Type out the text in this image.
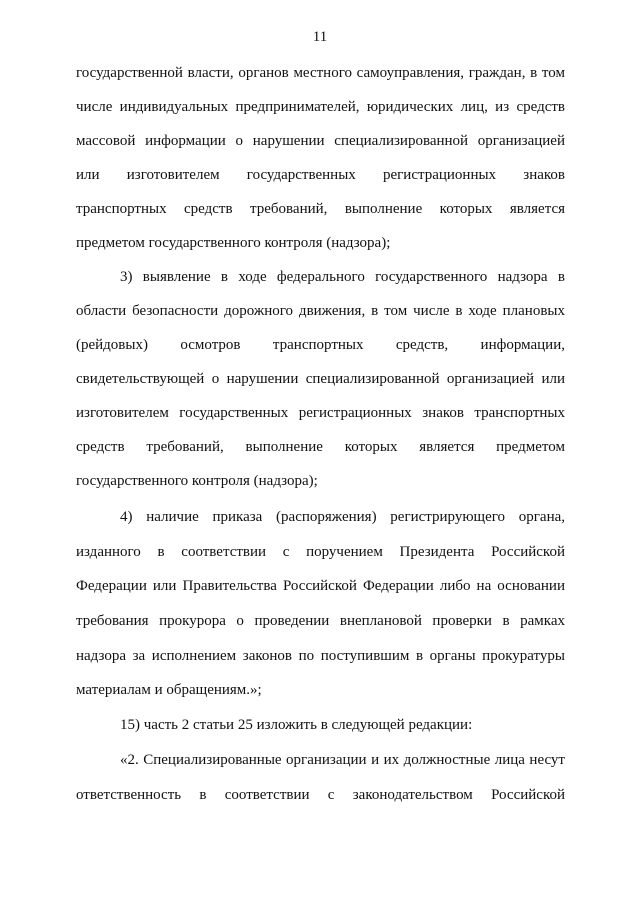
11
государственной власти, органов местного самоуправления, граждан, в том
числе индивидуальных предпринимателей, юридических лиц, из средств
массовой информации о нарушении специализированной организацией
или изготовителем государственных регистрационных знаков
транспортных средств требований, выполнение которых является
предметом государственного контроля (надзора);
3) выявление в ходе федерального государственного надзора в
области безопасности дорожного движения, в том числе в ходе плановых
(рейдовых) осмотров транспортных средств, информации,
свидетельствующей о нарушении специализированной организацией или
изготовителем государственных регистрационных знаков транспортных
средств требований, выполнение которых является предметом
государственного контроля (надзора);
4) наличие приказа (распоряжения) регистрирующего органа,
изданного в соответствии с поручением Президента Российской
Федерации или Правительства Российской Федерации либо на основании
требования прокурора о проведении внеплановой проверки в рамках
надзора за исполнением законов по поступившим в органы прокуратуры
материалам и обращениям.»;
15) часть 2 статьи 25 изложить в следующей редакции:
«2. Специализированные организации и их должностные лица несут
ответственность в соответствии с законодательством Российской
